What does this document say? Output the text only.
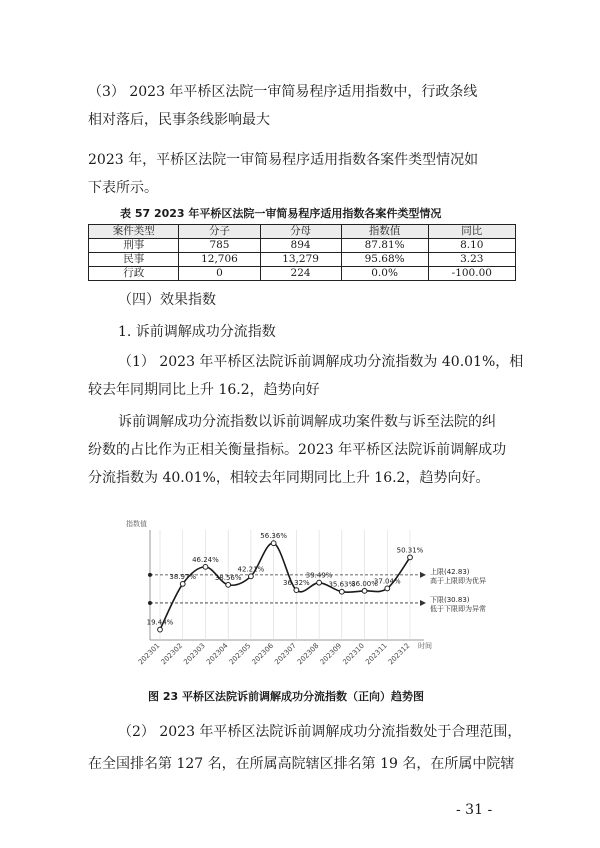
（3） 2023 年平桥区法院一审简易程序适用指数中，行政条线
相对落后，民事条线影响最大
2023 年，平桥区法院一审简易程序适用指数各案件类型情况如
下表所示。
表 57 2023 年平桥区法院一审简易程序适用指数各案件类型情况
案件类型	分子	分母	指数值	同比
刑事	785	894	87.81%	8.10
民事	12,706	13,279	95.68%	3.23
行政	0	224	0.0%	-100.00
（四）效果指数
1. 诉前调解成功分流指数
（1） 2023 年平桥区法院诉前调解成功分流指数为 40.01%，相
较去年同期同比上升 16.2，趋势向好
诉前调解成功分流指数以诉前调解成功案件数与诉至法院的纠
纷数的占比作为正相关衡量指标。2023 年平桥区法院诉前调解成功
分流指数为 40.01%，相较去年同期同比上升 16.2，趋势向好。
指数值
时间
上限(42.83)
高于上限即为优异
下限(30.83)
低于下限即为异常
19.44%
202301
38.97%
202302
46.24%
202303
38.56%
202304
42.21%
202305
56.36%
202306
36.32%
202307
39.49%
202308
35.63%
202309
36.00%
202310
37.04%
202311
50.31%
202312
图 23 平桥区法院诉前调解成功分流指数（正向）趋势图
（2） 2023 年平桥区法院诉前调解成功分流指数处于合理范围，
在全国排名第 127 名，在所属高院辖区排名第 19 名，在所属中院辖
- 31 -
